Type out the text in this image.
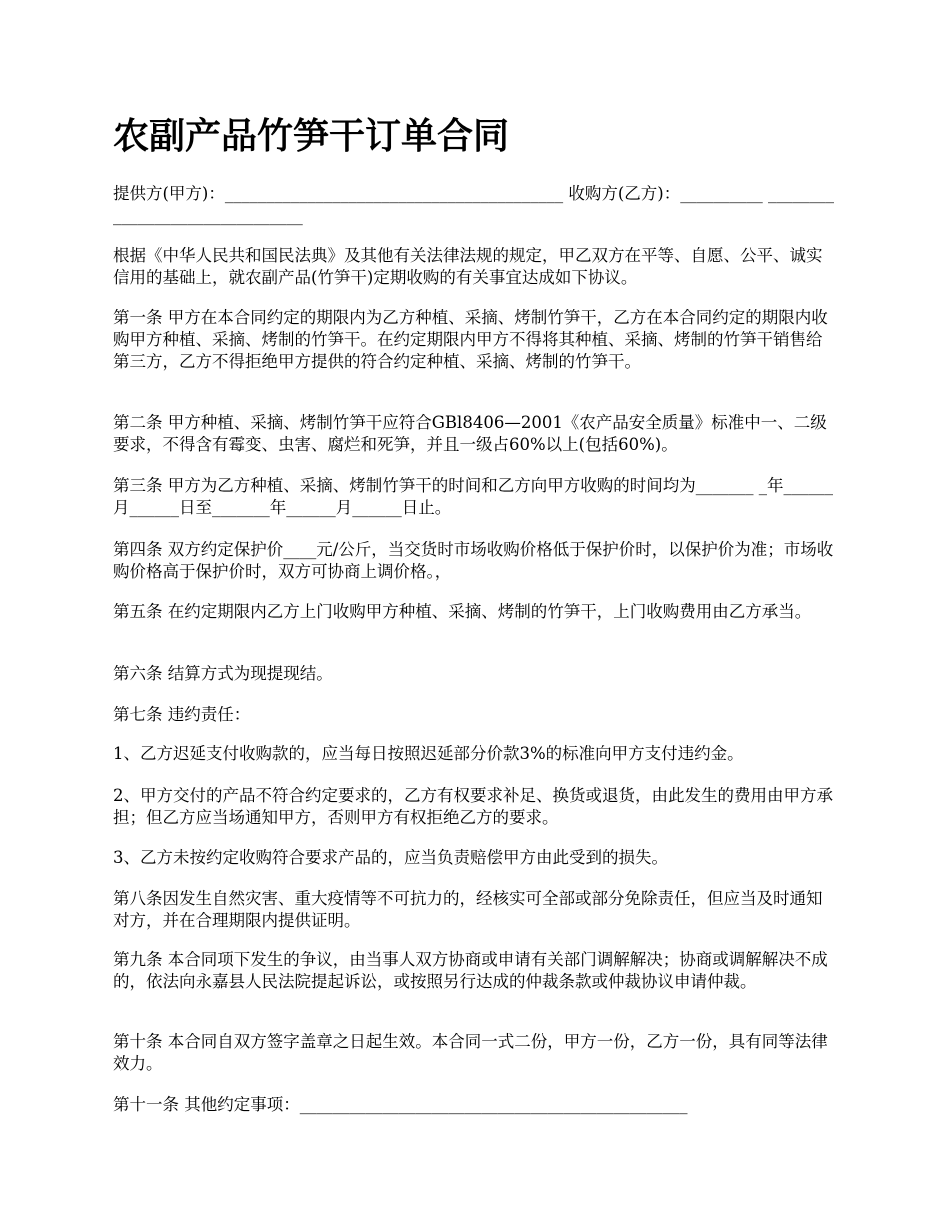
农副产品竹笋干订单合同

提供方(甲方)：_________________________________________ 收购方(乙方)：__________ _______________________________

根据《中华人民共和国民法典》及其他有关法律法规的规定，甲乙双方在平等、自愿、公平、诚实信用的基础上，就农副产品(竹笋干)定期收购的有关事宜达成如下协议。

第一条 甲方在本合同约定的期限内为乙方种植、采摘、烤制竹笋干，乙方在本合同约定的期限内收购甲方种植、采摘、烤制的竹笋干。在约定期限内甲方不得将其种植、采摘、烤制的竹笋干销售给第三方，乙方不得拒绝甲方提供的符合约定种植、采摘、烤制的竹笋干。

第二条 甲方种植、采摘、烤制竹笋干应符合GBl8406—2001《农产品安全质量》标准中一、二级要求，不得含有霉变、虫害、腐烂和死笋，并且一级占60%以上(包括60%)。

第三条 甲方为乙方种植、采摘、烤制竹笋干的时间和乙方向甲方收购的时间均为_______ _年______月______日至_______年______月______日止。

第四条 双方约定保护价____元/公斤，当交货时市场收购价格低于保护价时，以保护价为准；市场收购价格高于保护价时，双方可协商上调价格。，

第五条 在约定期限内乙方上门收购甲方种植、采摘、烤制的竹笋干，上门收购费用由乙方承当。

第六条 结算方式为现提现结。

第七条 违约责任：

1、乙方迟延支付收购款的，应当每日按照迟延部分价款3%的标准向甲方支付违约金。

2、甲方交付的产品不符合约定要求的，乙方有权要求补足、换货或退货，由此发生的费用由甲方承担；但乙方应当场通知甲方，否则甲方有权拒绝乙方的要求。

3、乙方未按约定收购符合要求产品的，应当负责赔偿甲方由此受到的损失。

第八条因发生自然灾害、重大疫情等不可抗力的，经核实可全部或部分免除责任，但应当及时通知对方，并在合理期限内提供证明。

第九条 本合同项下发生的争议，由当事人双方协商或申请有关部门调解解决；协商或调解解决不成的，依法向永嘉县人民法院提起诉讼，或按照另行达成的仲裁条款或仲裁协议申请仲裁。

第十条 本合同自双方签字盖章之日起生效。本合同一式二份，甲方一份，乙方一份，具有同等法律效力。

第十一条 其他约定事项：_______________________________________________
